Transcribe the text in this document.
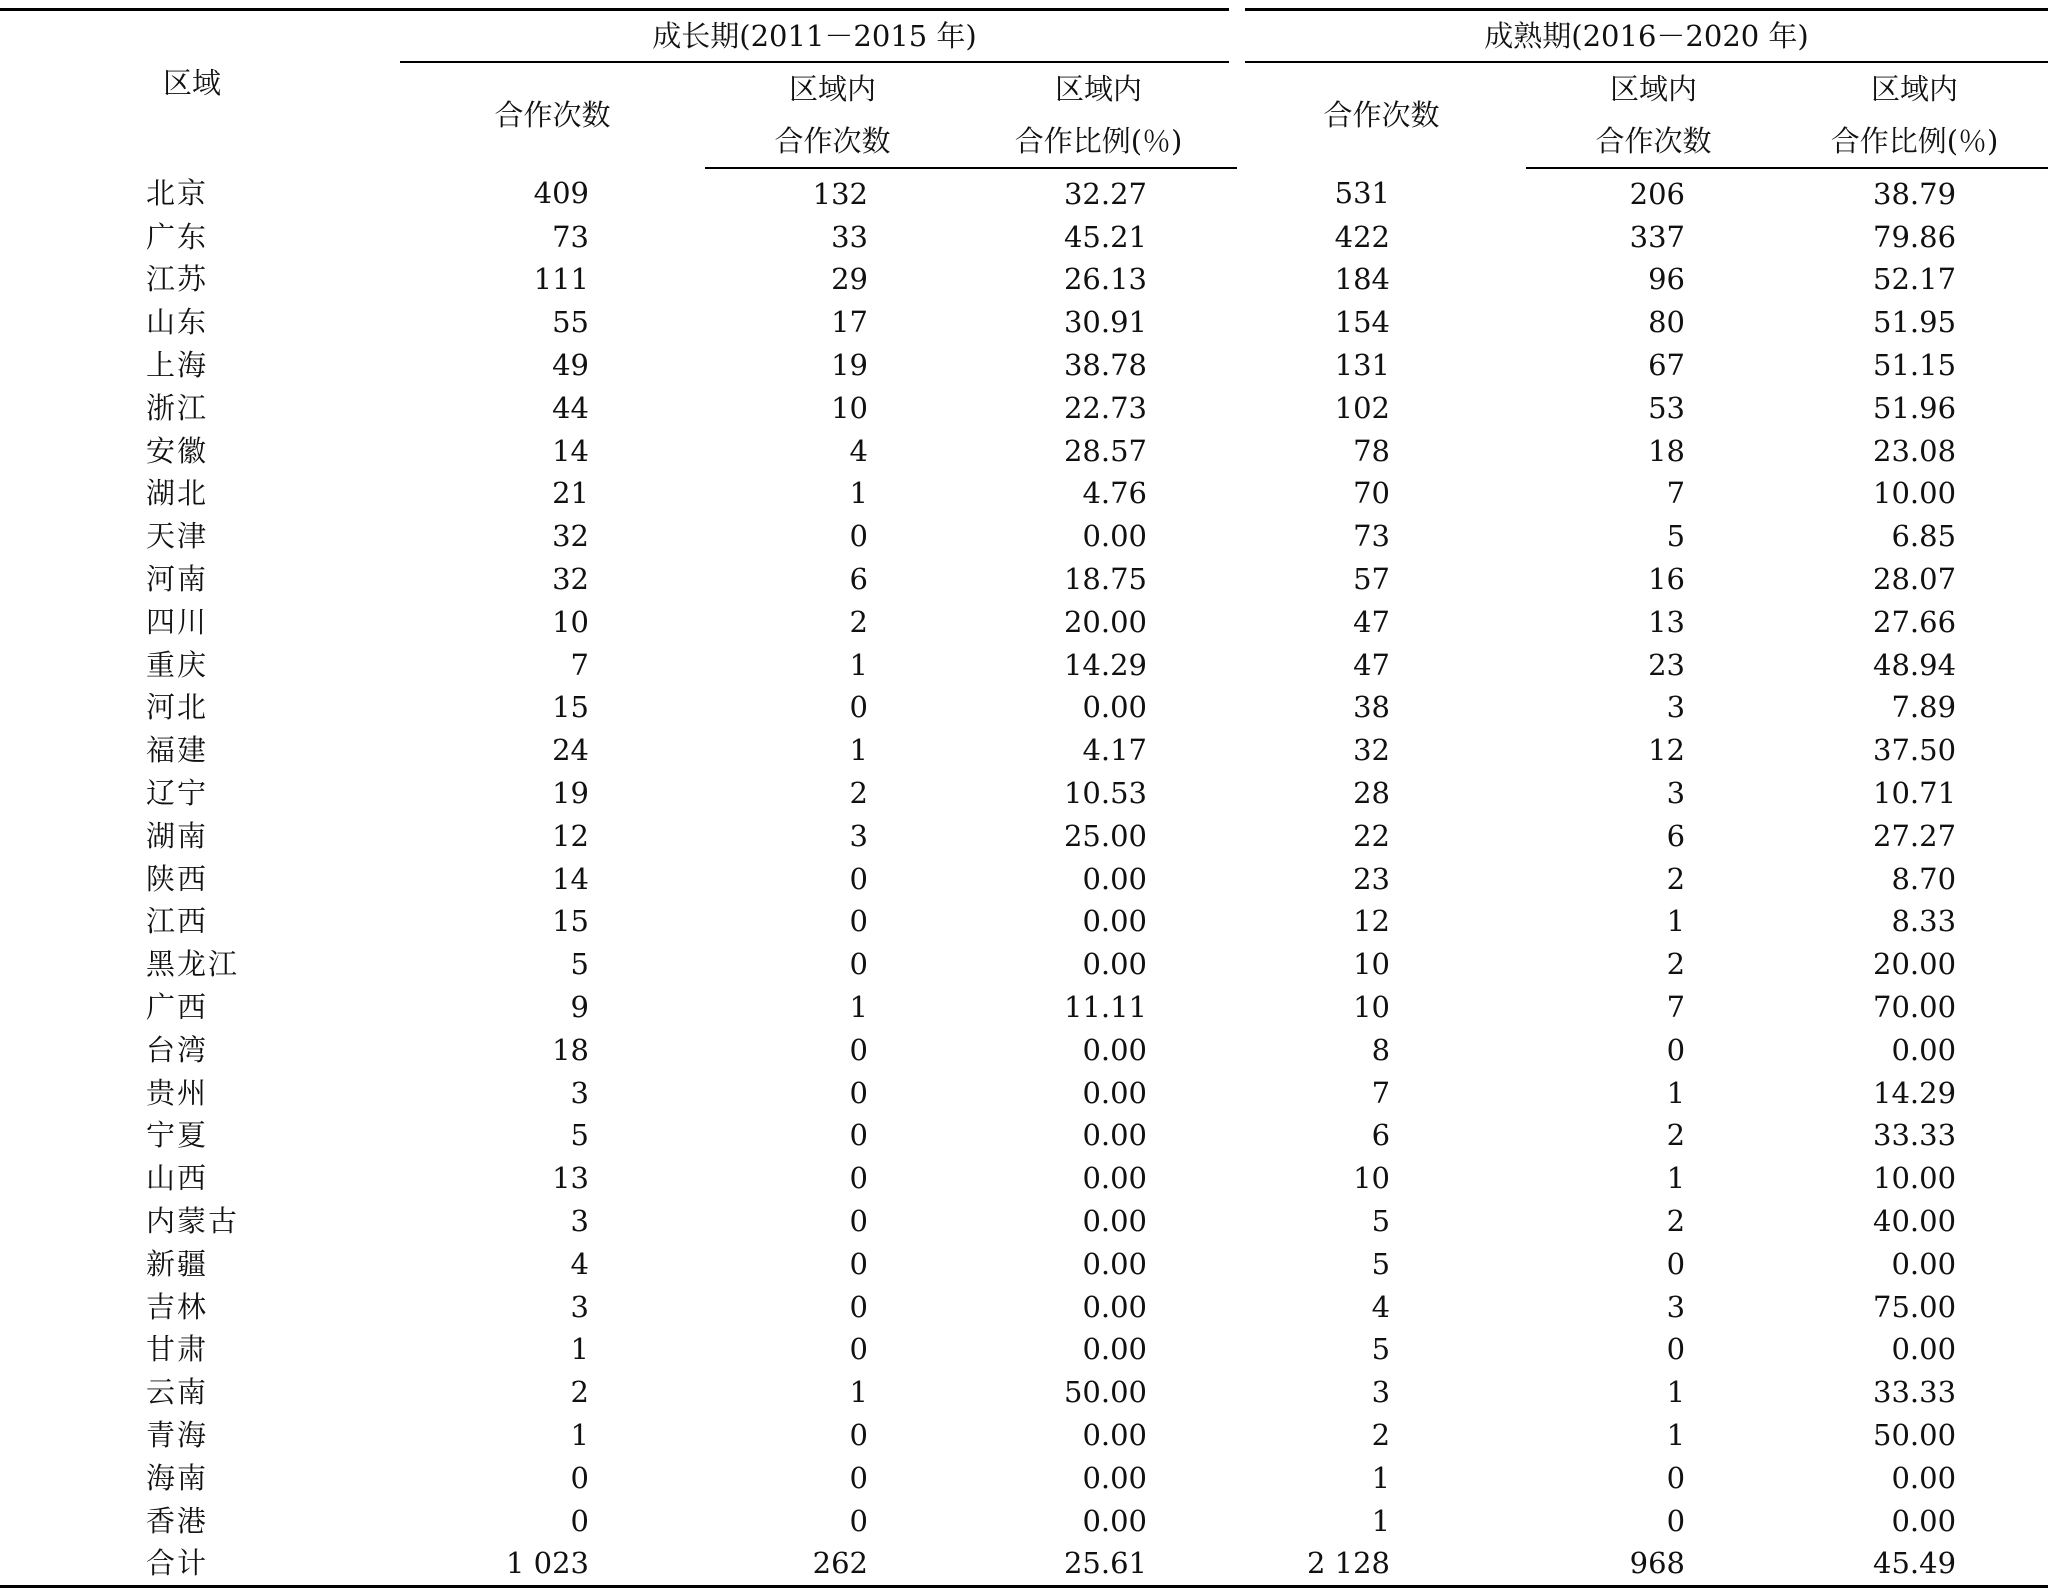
区域	成长期(2011－2015 年)			成熟期(2016－2020 年)		
	合作次数	区域内	区域内	合作次数	区域内	区域内
		合作次数	合作比例(％)		合作次数	合作比例(％)
北京	409	132	32.27	531	206	38.79
广东	73	33	45.21	422	337	79.86
江苏	111	29	26.13	184	96	52.17
山东	55	17	30.91	154	80	51.95
上海	49	19	38.78	131	67	51.15
浙江	44	10	22.73	102	53	51.96
安徽	14	4	28.57	78	18	23.08
湖北	21	1	4.76	70	7	10.00
天津	32	0	0.00	73	5	6.85
河南	32	6	18.75	57	16	28.07
四川	10	2	20.00	47	13	27.66
重庆	7	1	14.29	47	23	48.94
河北	15	0	0.00	38	3	7.89
福建	24	1	4.17	32	12	37.50
辽宁	19	2	10.53	28	3	10.71
湖南	12	3	25.00	22	6	27.27
陕西	14	0	0.00	23	2	8.70
江西	15	0	0.00	12	1	8.33
黑龙江	5	0	0.00	10	2	20.00
广西	9	1	11.11	10	7	70.00
台湾	18	0	0.00	8	0	0.00
贵州	3	0	0.00	7	1	14.29
宁夏	5	0	0.00	6	2	33.33
山西	13	0	0.00	10	1	10.00
内蒙古	3	0	0.00	5	2	40.00
新疆	4	0	0.00	5	0	0.00
吉林	3	0	0.00	4	3	75.00
甘肃	1	0	0.00	5	0	0.00
云南	2	1	50.00	3	1	33.33
青海	1	0	0.00	2	1	50.00
海南	0	0	0.00	1	0	0.00
香港	0	0	0.00	1	0	0.00
合计	1 023	262	25.61	2 128	968	45.49
